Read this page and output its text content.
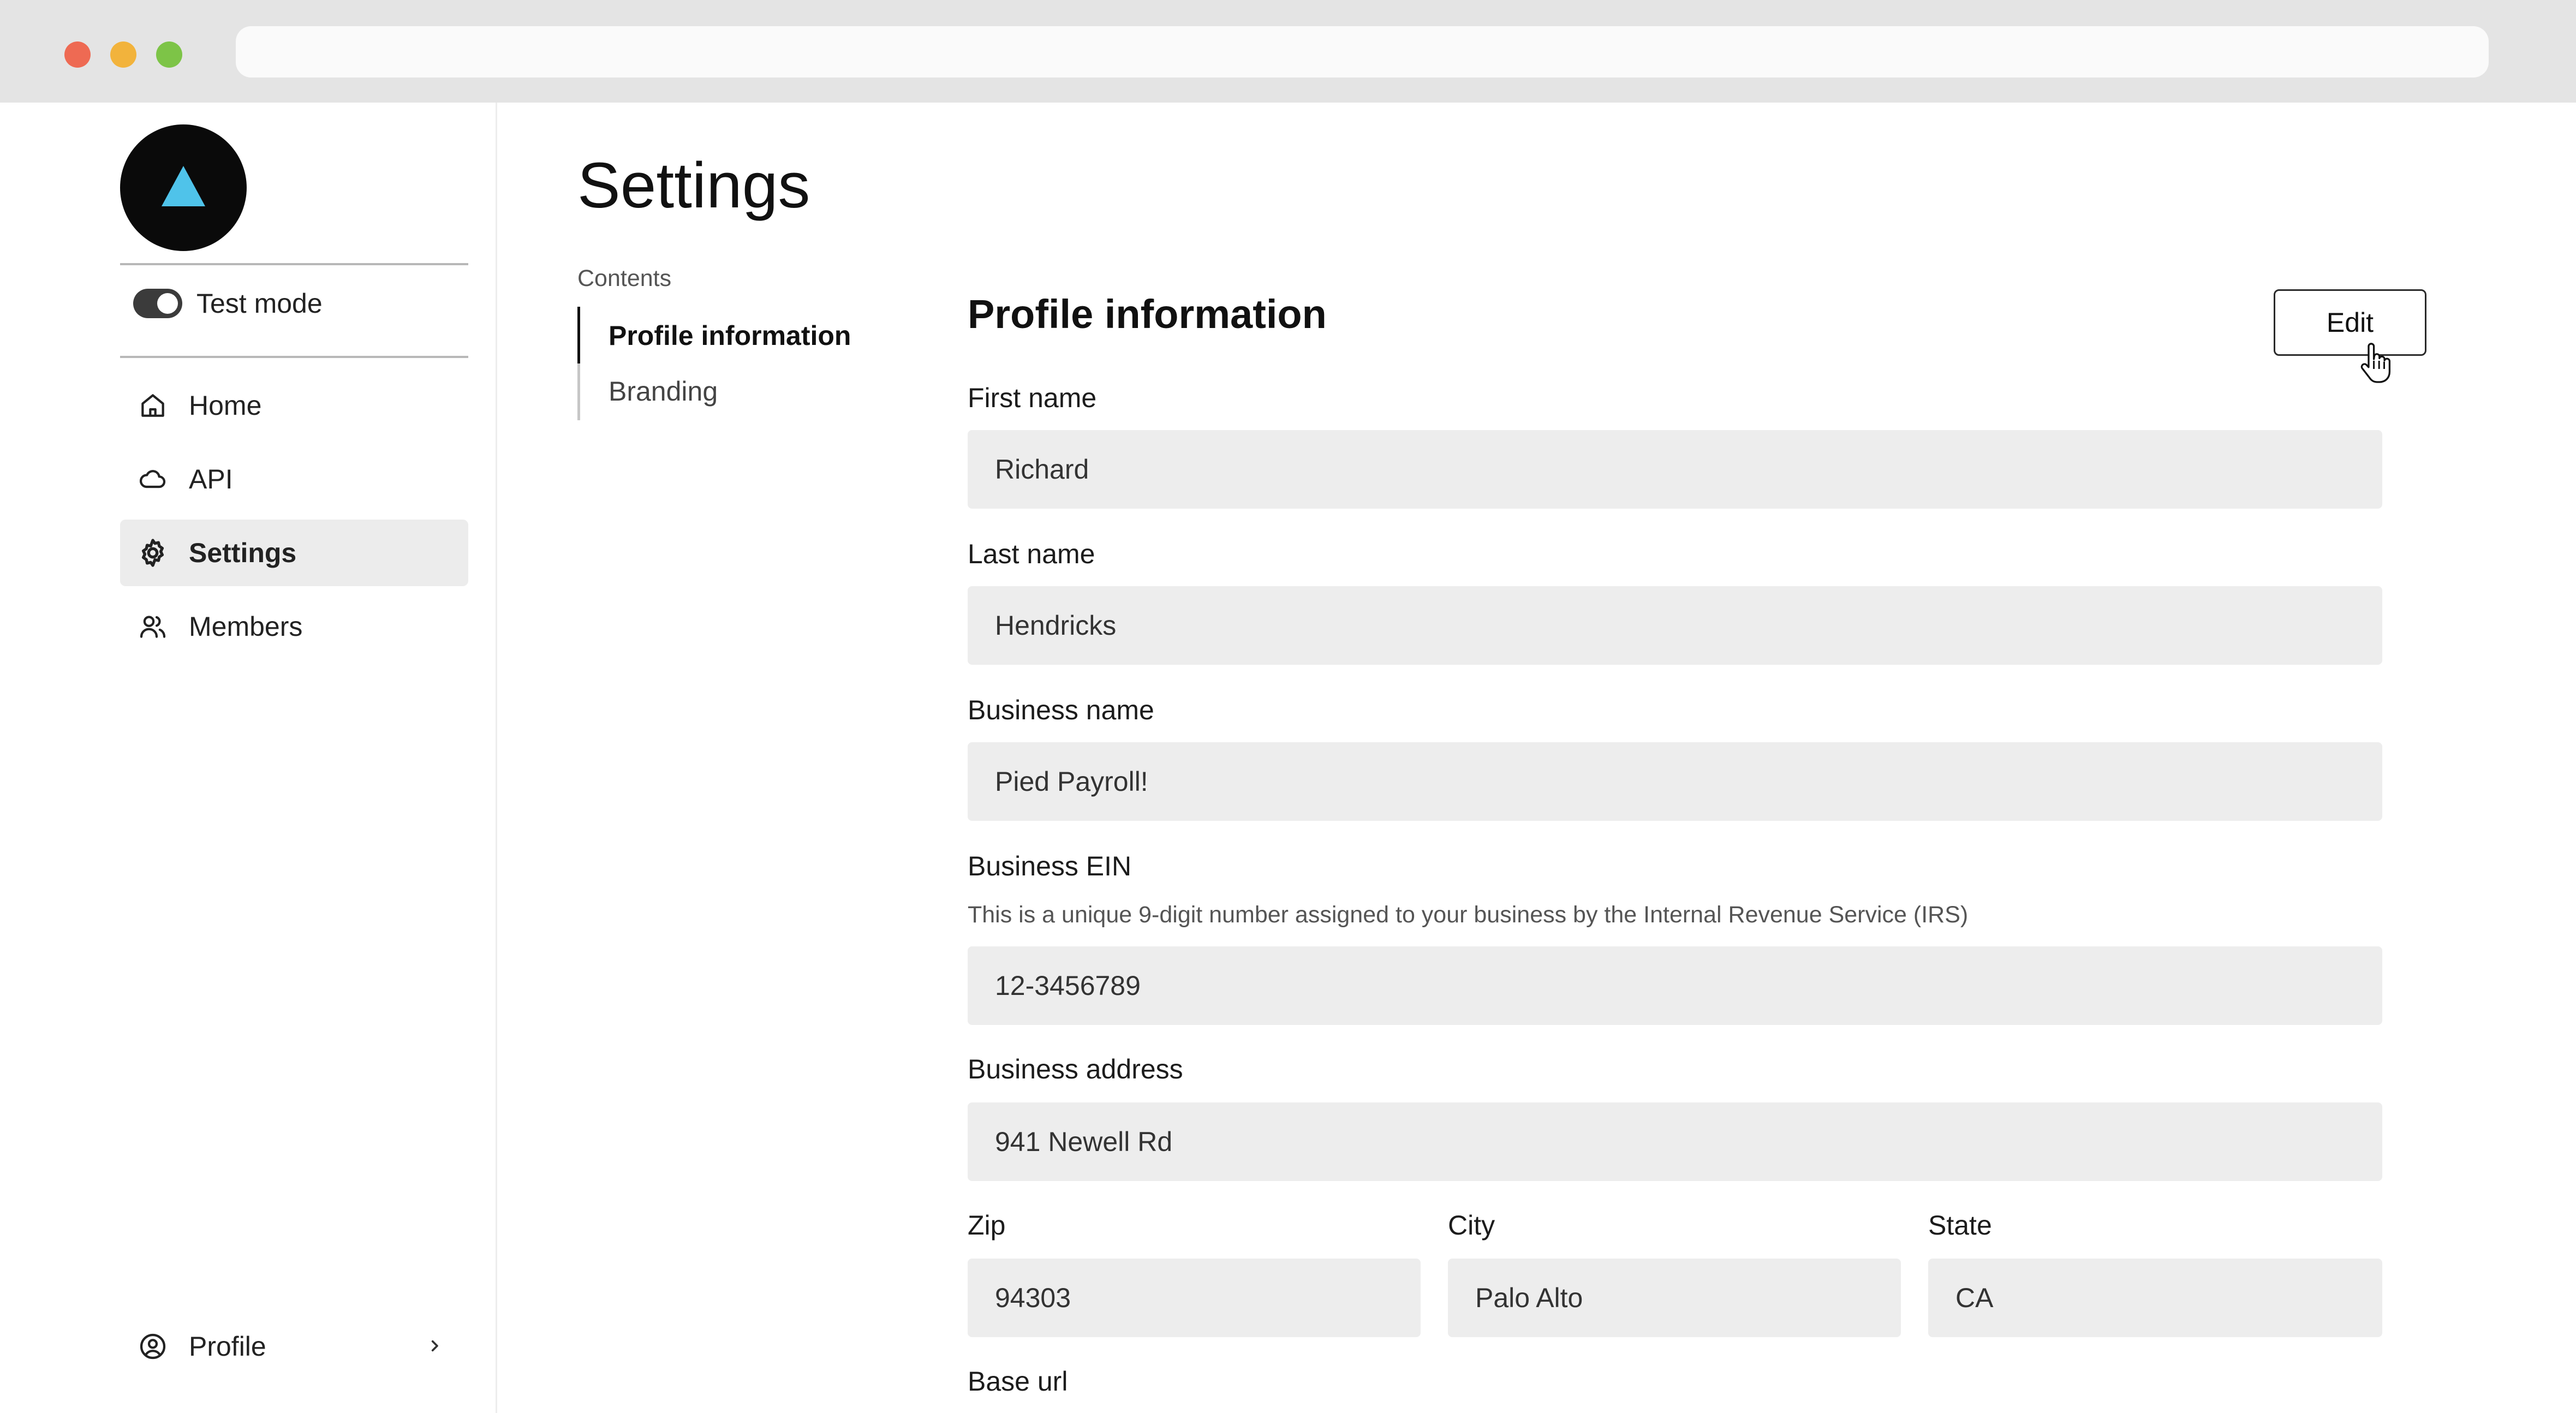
Test mode
Home
API
Settings
Members
Profile
Settings
Contents
Profile information
Branding
Profile information	Edit
First name
Richard
Last name
Hendricks
Business name
Pied Payroll!
Business EIN
This is a unique 9-digit number assigned to your business by the Internal Revenue Service (IRS)
12-3456789
Business address
941 Newell Rd
Zip
94303
City
Palo Alto
State
CA
Base url
